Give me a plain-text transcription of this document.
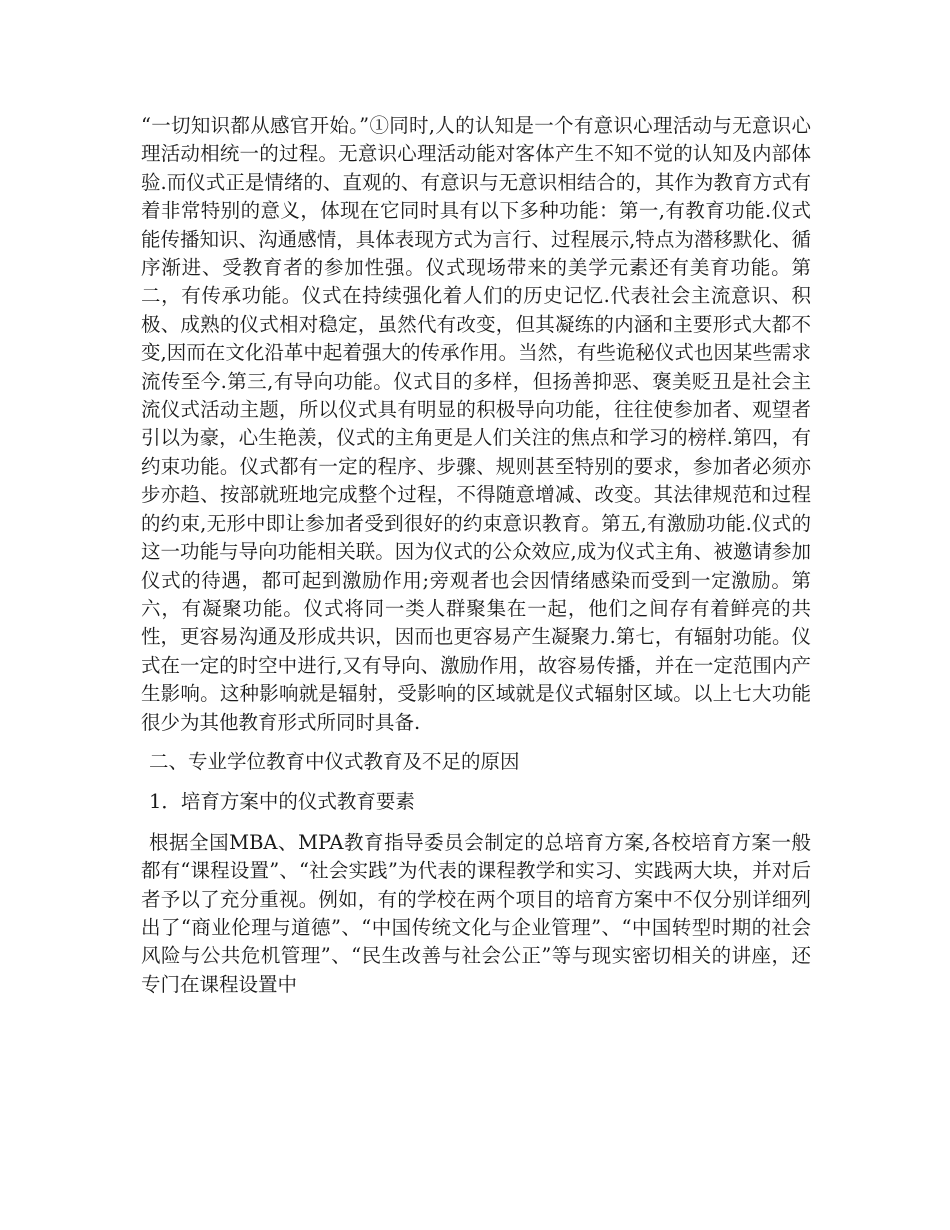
“一切知识都从感官开始。”①同时,人的认知是一个有意识心理活动与无意识心理活动相统一的过程。无意识心理活动能对客体产生不知不觉的认知及内部体验.而仪式正是情绪的、直观的、有意识与无意识相结合的，其作为教育方式有着非常特别的意义，体现在它同时具有以下多种功能：第一,有教育功能.仪式能传播知识、沟通感情，具体表现方式为言行、过程展示,特点为潜移默化、循序渐进、受教育者的参加性强。仪式现场带来的美学元素还有美育功能。第二，有传承功能。仪式在持续强化着人们的历史记忆.代表社会主流意识、积极、成熟的仪式相对稳定，虽然代有改变，但其凝练的内涵和主要形式大都不变,因而在文化沿革中起着强大的传承作用。当然，有些诡秘仪式也因某些需求流传至今.第三,有导向功能。仪式目的多样，但扬善抑恶、褒美贬丑是社会主流仪式活动主题，所以仪式具有明显的积极导向功能，往往使参加者、观望者引以为豪，心生艳羡，仪式的主角更是人们关注的焦点和学习的榜样.第四，有约束功能。仪式都有一定的程序、步骤、规则甚至特别的要求，参加者必须亦步亦趋、按部就班地完成整个过程，不得随意增减、改变。其法律规范和过程的约束,无形中即让参加者受到很好的约束意识教育。第五,有激励功能.仪式的这一功能与导向功能相关联。因为仪式的公众效应,成为仪式主角、被邀请参加仪式的待遇，都可起到激励作用;旁观者也会因情绪感染而受到一定激励。第六，有凝聚功能。仪式将同一类人群聚集在一起，他们之间存有着鲜亮的共性，更容易沟通及形成共识，因而也更容易产生凝聚力.第七，有辐射功能。仪式在一定的时空中进行,又有导向、激励作用，故容易传播，并在一定范围内产生影响。这种影响就是辐射，受影响的区域就是仪式辐射区域。以上七大功能很少为其他教育形式所同时具备.

二、专业学位教育中仪式教育及不足的原因

1．培育方案中的仪式教育要素

根据全国MBA、MPA教育指导委员会制定的总培育方案,各校培育方案一般都有“课程设置”、“社会实践”为代表的课程教学和实习、实践两大块，并对后者予以了充分重视。例如，有的学校在两个项目的培育方案中不仅分别详细列出了“商业伦理与道德”、“中国传统文化与企业管理”、“中国转型时期的社会风险与公共危机管理”、“民生改善与社会公正”等与现实密切相关的讲座，还专门在课程设置中
